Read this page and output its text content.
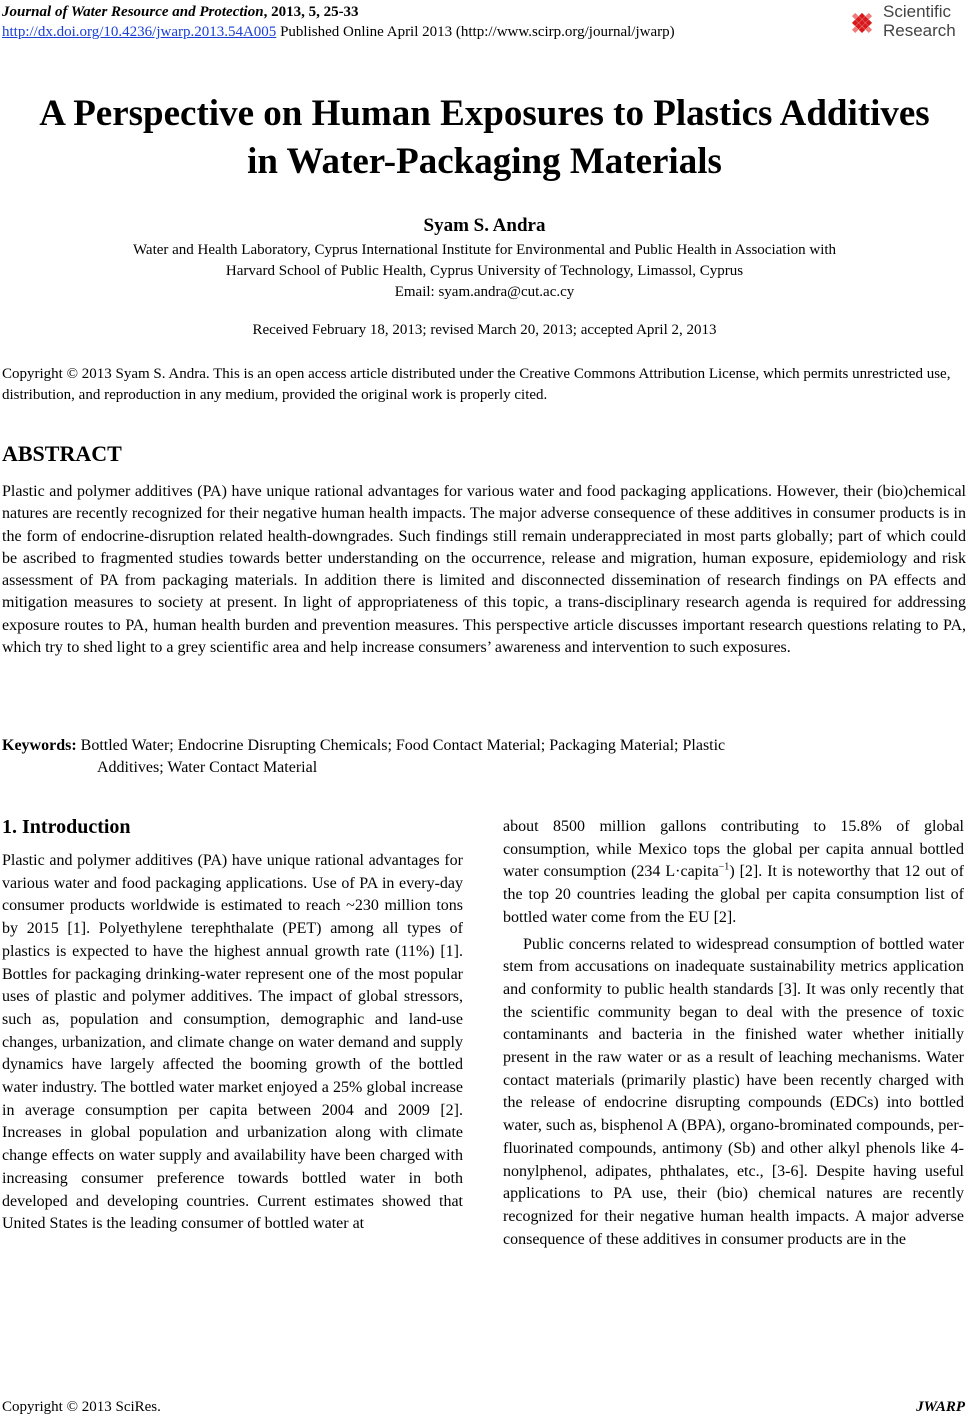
Journal of Water Resource and Protection, 2013, 5, 25-33
http://dx.doi.org/10.4236/jwarp.2013.54A005 Published Online April 2013 (http://www.scirp.org/journal/jwarp)
Scientific
Research
A Perspective on Human Exposures to Plastics Additives
in Water-Packaging Materials
Syam S. Andra
Water and Health Laboratory, Cyprus International Institute for Environmental and Public Health in Association with
Harvard School of Public Health, Cyprus University of Technology, Limassol, Cyprus
Email: syam.andra@cut.ac.cy
Received February 18, 2013; revised March 20, 2013; accepted April 2, 2013
Copyright © 2013 Syam S. Andra. This is an open access article distributed under the Creative Commons Attribution License, which permits unrestricted use, distribution, and reproduction in any medium, provided the original work is properly cited.
ABSTRACT
Plastic and polymer additives (PA) have unique rational advantages for various water and food packaging applications. However, their (bio)chemical natures are recently recognized for their negative human health impacts. The major adverse consequence of these additives in consumer products is in the form of endocrine-disruption related health-downgrades. Such findings still remain underappreciated in most parts globally; part of which could be ascribed to fragmented studies towards better understanding on the occurrence, release and migration, human exposure, epidemiology and risk assessment of PA from packaging materials. In addition there is limited and disconnected dissemination of research findings on PA effects and mitigation measures to society at present. In light of appropriateness of this topic, a trans-disciplinary research agenda is required for addressing exposure routes to PA, human health burden and prevention measures. This perspective article discusses important research questions relating to PA, which try to shed light to a grey scientific area and help increase consumers’ awareness and intervention to such exposures.
Keywords: Bottled Water; Endocrine Disrupting Chemicals; Food Contact Material; Packaging Material; Plastic
Additives; Water Contact Material
1. Introduction

Plastic and polymer additives (PA) have unique rational advantages for various water and food packaging applications. Use of PA in every-day consumer products worldwide is estimated to reach ~230 million tons by 2015 [1]. Polyethylene terephthalate (PET) among all types of plastics is expected to have the highest annual growth rate (11%) [1]. Bottles for packaging drinking-water represent one of the most popular uses of plastic and polymer additives. The impact of global stressors, such as, population and consumption, demographic and land-use changes, urbanization, and climate change on water demand and supply dynamics have largely affected the booming growth of the bottled water industry. The bottled water market enjoyed a 25% global increase in average consumption per capita between 2004 and 2009 [2]. Increases in global population and urbanization along with climate change effects on water supply and availability have been charged with increasing consumer preference towards bottled water in both developed and developing countries. Current estimates showed that United States is the leading consumer of bottled water at

about 8500 million gallons contributing to 15.8% of global consumption, while Mexico tops the global per capita annual bottled water consumption (234 L·capita$^{-1}$) [2]. It is noteworthy that 12 out of the top 20 countries leading the global per capita consumption list of bottled water come from the EU [2].

Public concerns related to widespread consumption of bottled water stem from accusations on inadequate sustainability metrics application and conformity to public health standards [3]. It was only recently that the scientific community began to deal with the presence of toxic contaminants and bacteria in the finished water whether initially present in the raw water or as a result of leaching mechanisms. Water contact materials (primarily plastic) have been recently charged with the release of endocrine disrupting compounds (EDCs) into bottled water, such as, bisphenol A (BPA), organo-brominated compounds, perfluorinated compounds, antimony (Sb) and other alkyl phenols like 4-nonylphenol, adipates, phthalates, etc., [3-6]. Despite having useful applications to PA use, their (bio) chemical natures are recently recognized for their negative human health impacts. A major adverse consequence of these additives in consumer products are in the

Copyright © 2013 SciRes.	JWARP
